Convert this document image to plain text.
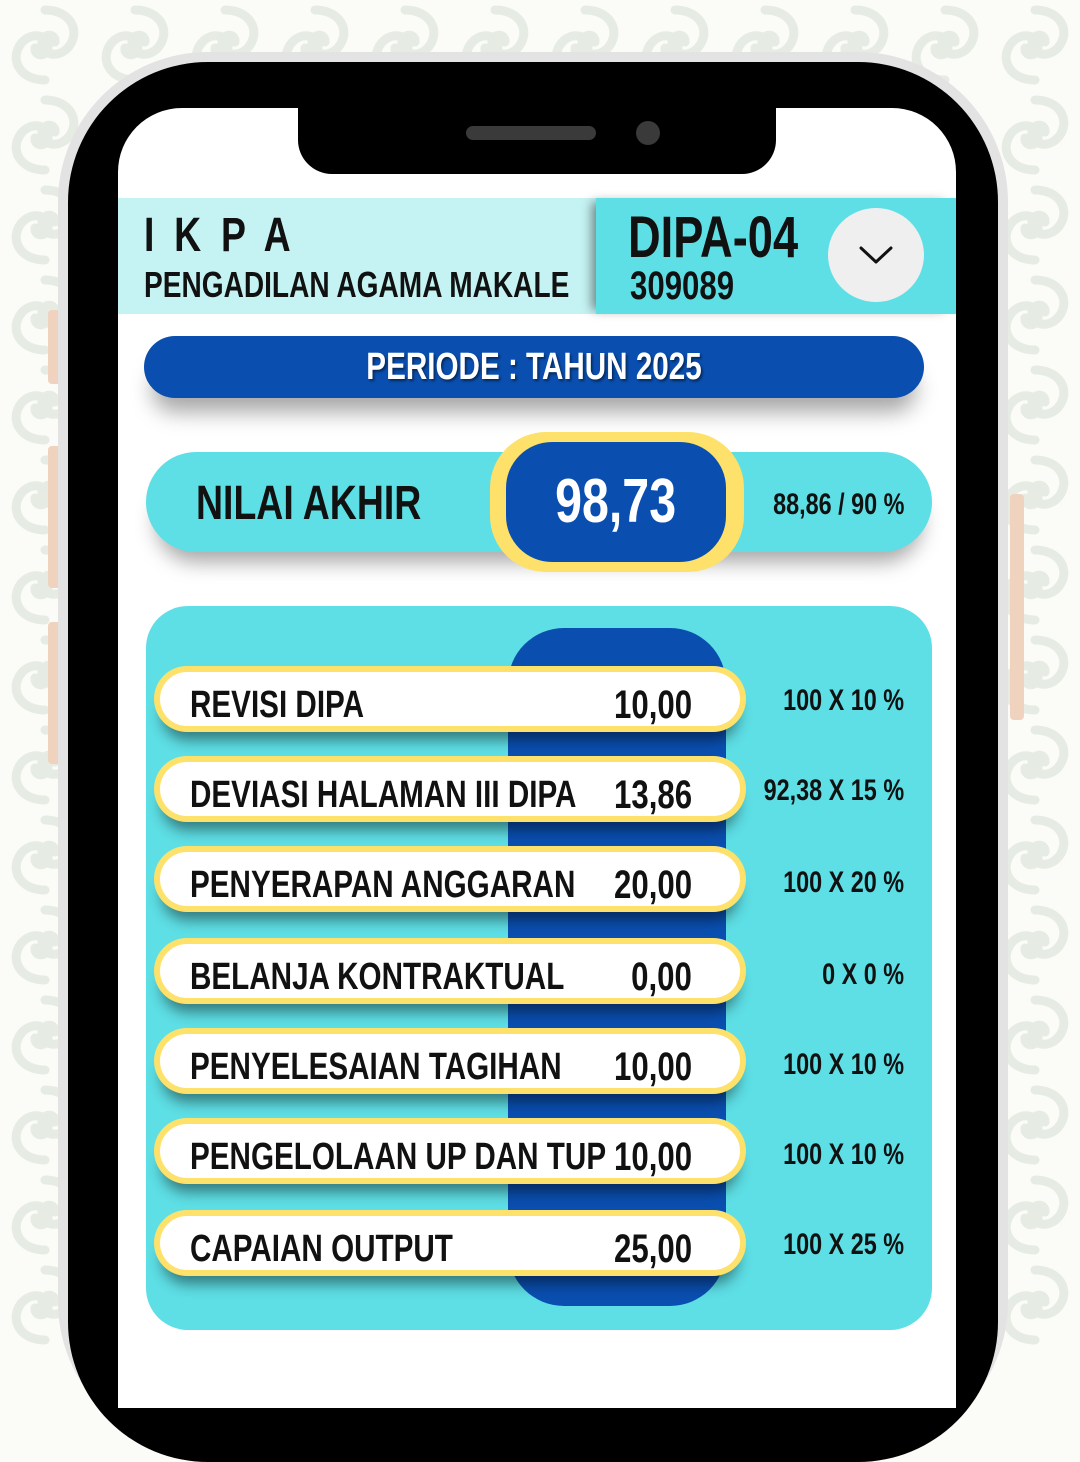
I K P A
PENGADILAN AGAMA MAKALE
DIPA-04
309089
PERIODE : TAHUN 2025
NILAI AKHIR	98,73	88,86 / 90 %
REVISI DIPA	10,00	100 X 10 %
DEVIASI HALAMAN III DIPA 13,86	92,38 X 15 %
PENYERAPAN ANGGARAN 20,00	100 X 20 %
BELANJA KONTRAKTUAL	0,00	0 X 0 %
PENYELESAIAN TAGIHAN	10,00	100 X 10 %
PENGELOLAAN UP DAN TUP 10,00	100 X 10 %
CAPAIAN OUTPUT	25,00	100 X 25 %
